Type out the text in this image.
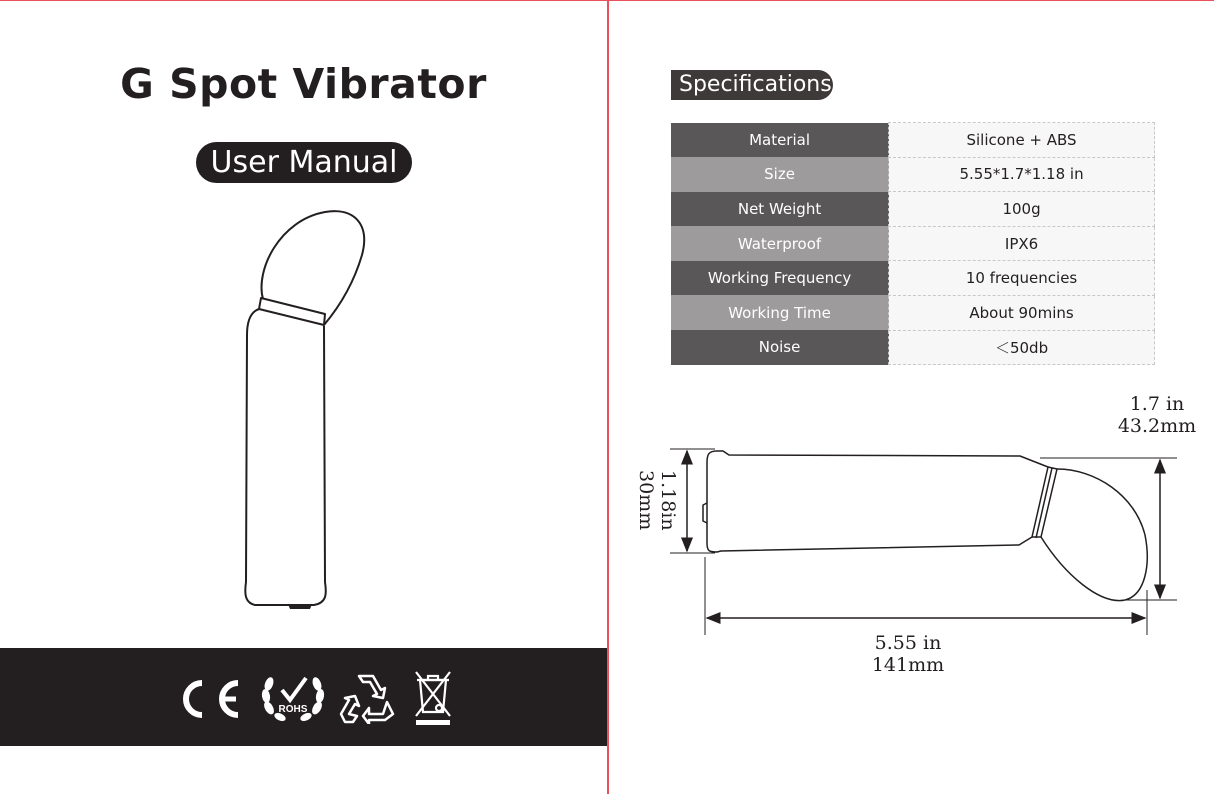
G Spot Vibrator
User Manual
ROHS
Specifications
Material	Silicone + ABS
Size	5.55*1.7*1.18 in
Net Weight	100g
Waterproof	IPX6
Working Frequency	10 frequencies
Working Time	About 90mins
Noise	＜50db
1.7 in
43.2mm
1.18in
30mm
5.55 in
141mm
